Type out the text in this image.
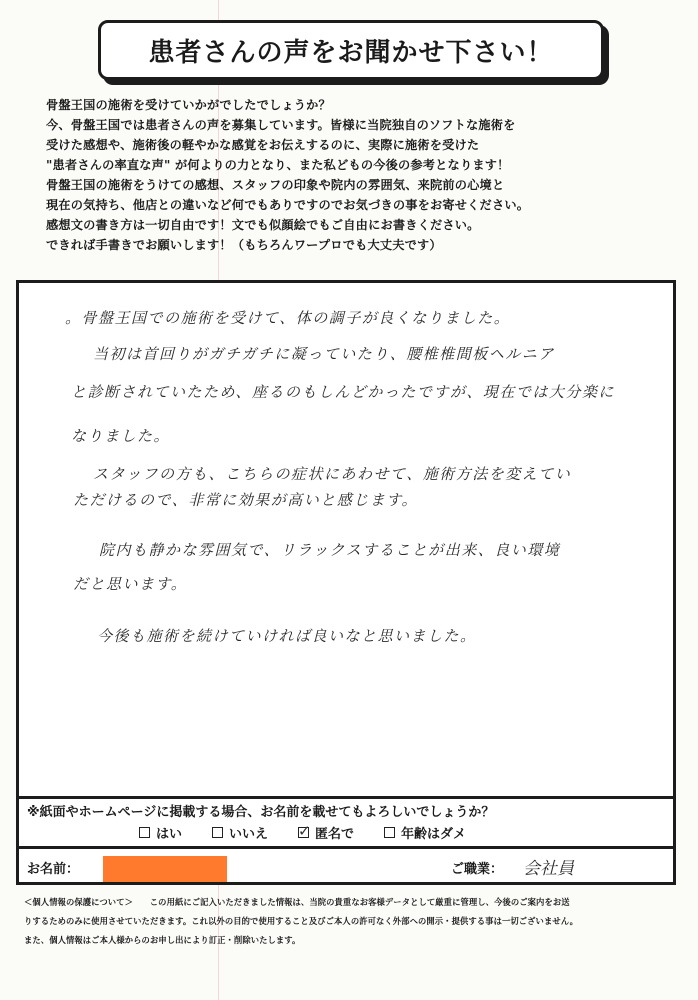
患者さんの声をお聞かせ下さい！
骨盤王国の施術を受けていかがでしたでしょうか？
今、骨盤王国では患者さんの声を募集しています。皆様に当院独自のソフトな施術を
受けた感想や、施術後の軽やかな感覚をお伝えするのに、実際に施術を受けた
"患者さんの率直な声" が何よりの力となり、また私どもの今後の参考となります！
骨盤王国の施術をうけての感想、スタッフの印象や院内の雰囲気、来院前の心境と
現在の気持ち、他店との違いなど何でもありですのでお気づきの事をお寄せください。
感想文の書き方は一切自由です！文でも似顔絵でもご自由にお書きください。
できれば手書きでお願いします！（もちろんワープロでも大丈夫です）
。骨盤王国での施術を受けて、体の調子が良くなりました。
当初は首回りがガチガチに凝っていたり、腰椎椎間板ヘルニア
と診断されていたため、座るのもしんどかったですが、現在では大分楽に
なりました。
スタッフの方も、こちらの症状にあわせて、施術方法を変えてい
ただけるので、非常に効果が高いと感じます。
院内も静かな雰囲気で、リラックスすることが出来、良い環境
だと思います。
今後も施術を続けていければ良いなと思いました。
※紙面やホームページに掲載する場合、お名前を載せてもよろしいでしょうか？
はい	いいえ
✓	匿名で	年齢はダメ
お名前：	ご職業： 会社員
＜個人情報の保護について＞　　この用紙にご記入いただきました情報は、当院の貴重なお客様データとして厳重に管理し、今後のご案内をお送
りするためのみに使用させていただきます。これ以外の目的で使用すること及びご本人の許可なく外部への開示・提供する事は一切ございません。
また、個人情報はご本人様からのお申し出により訂正・削除いたします。
